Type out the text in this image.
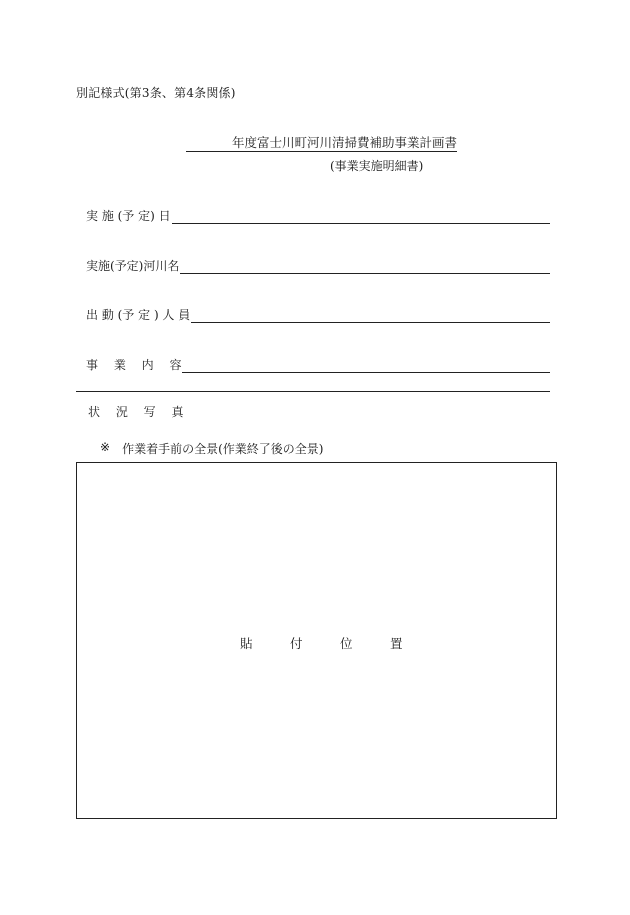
別記様式(第3条、第4条関係)
年度富士川町河川清掃費補助事業計画書
(事業実施明細書)
実 施 (予 定) 日
実施(予定)河川名
出 動 (予 定 ) 人 員
事　 業　 内　 容
状　 況　 写　 真
※ 作業着手前の全景(作業終了後の全景)
貼　　　付　　　位　　　置
